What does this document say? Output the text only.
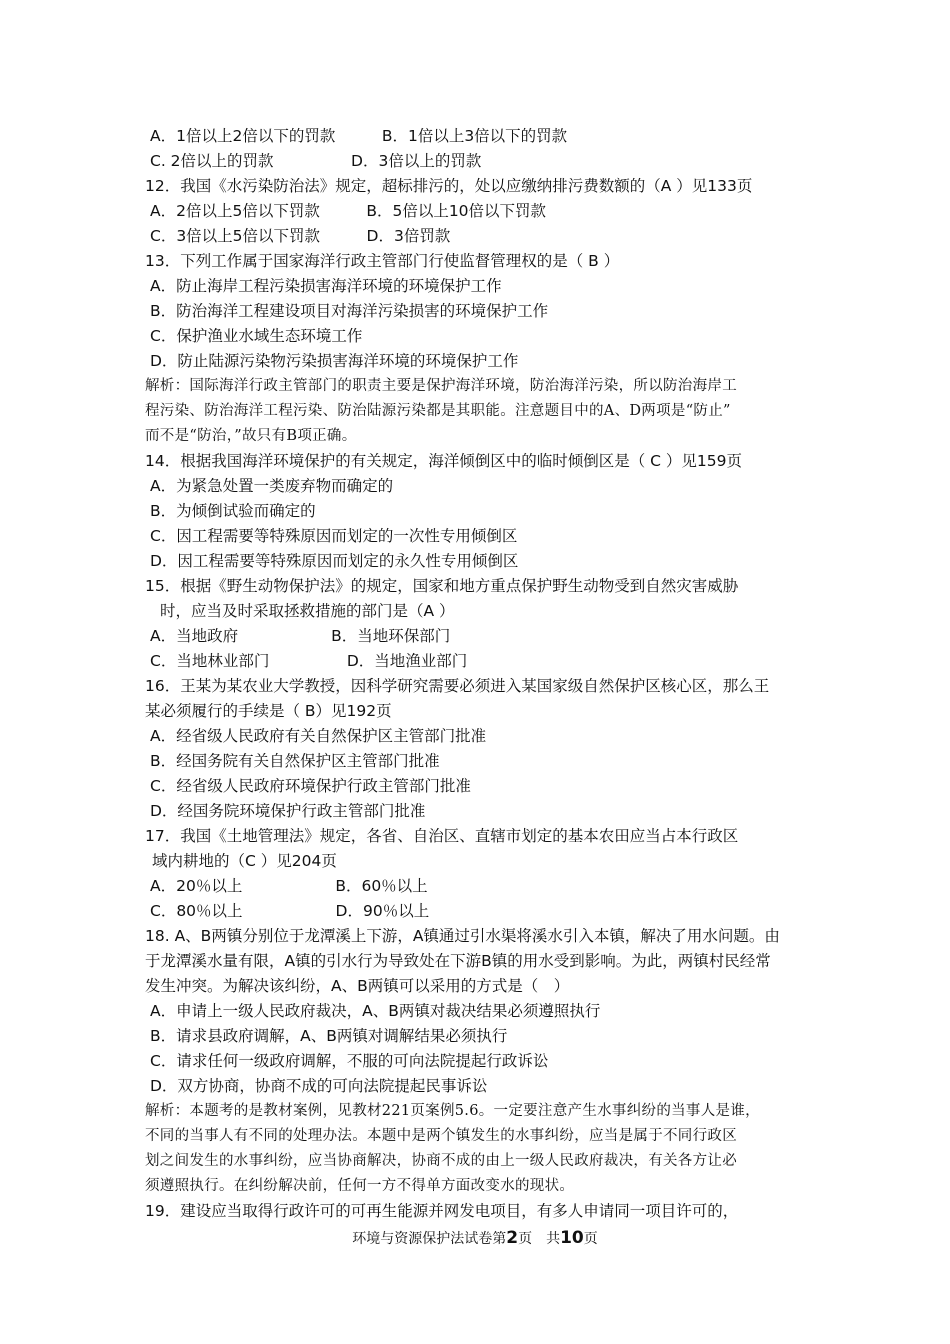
A．1倍以上2倍以下的罚款　　　B．1倍以上3倍以下的罚款
C. 2倍以上的罚款　　　　　D．3倍以上的罚款
12．我国《水污染防治法》规定，超标排污的，处以应缴纳排污费数额的（A ）见133页
A．2倍以上5倍以下罚款　　　B．5倍以上10倍以下罚款
C．3倍以上5倍以下罚款　　　D．3倍罚款
13．下列工作属于国家海洋行政主管部门行使监督管理权的是（ B ）
A．防止海岸工程污染损害海洋环境的环境保护工作
B．防治海洋工程建设项目对海洋污染损害的环境保护工作
C．保护渔业水域生态环境工作
D．防止陆源污染物污染损害海洋环境的环境保护工作
解析：国际海洋行政主管部门的职责主要是保护海洋环境，防治海洋污染，所以防治海岸工
程污染、防治海洋工程污染、防治陆源污染都是其职能。注意题目中的A、D两项是“防止”
而不是“防治，”故只有B项正确。
14．根据我国海洋环境保护的有关规定，海洋倾倒区中的临时倾倒区是（ C ）见159页
A．为紧急处置一类废弃物而确定的
B．为倾倒试验而确定的
C．因工程需要等特殊原因而划定的一次性专用倾倒区
D．因工程需要等特殊原因而划定的永久性专用倾倒区
15．根据《野生动物保护法》的规定，国家和地方重点保护野生动物受到自然灾害威胁
时，应当及时采取拯救措施的部门是（A ）
A．当地政府　　　　　　B．当地环保部门
C．当地林业部门　　　　　D．当地渔业部门
16．王某为某农业大学教授，因科学研究需要必须进入某国家级自然保护区核心区，那么王
某必须履行的手续是（ B）见192页
A．经省级人民政府有关自然保护区主管部门批准
B．经国务院有关自然保护区主管部门批准
C．经省级人民政府环境保护行政主管部门批准
D．经国务院环境保护行政主管部门批准
17．我国《土地管理法》规定，各省、自治区、直辖市划定的基本农田应当占本行政区
域内耕地的（C ）见204页
A．20％以上　　　　　　B．60％以上
C．80％以上　　　　　　D．90％以上
18. A、B两镇分别位于龙潭溪上下游，A镇通过引水渠将溪水引入本镇，解决了用水问题。由
于龙潭溪水量有限，A镇的引水行为导致处在下游B镇的用水受到影响。为此，两镇村民经常
发生冲突。为解决该纠纷，A、B两镇可以采用的方式是（　）
A．申请上一级人民政府裁决，A、B两镇对裁决结果必须遵照执行
B．请求县政府调解，A、B两镇对调解结果必须执行
C．请求任何一级政府调解，不服的可向法院提起行政诉讼
D．双方协商，协商不成的可向法院提起民事诉讼
解析：本题考的是教材案例，见教材221页案例5.6。一定要注意产生水事纠纷的当事人是谁，
不同的当事人有不同的处理办法。本题中是两个镇发生的水事纠纷，应当是属于不同行政区
划之间发生的水事纠纷，应当协商解决，协商不成的由上一级人民政府裁决，有关各方让必
须遵照执行。在纠纷解决前，任何一方不得单方面改变水的现状。
19．建设应当取得行政许可的可再生能源并网发电项目，有多人申请同一项目许可的，
环境与资源保护法试卷第2页　共10页
